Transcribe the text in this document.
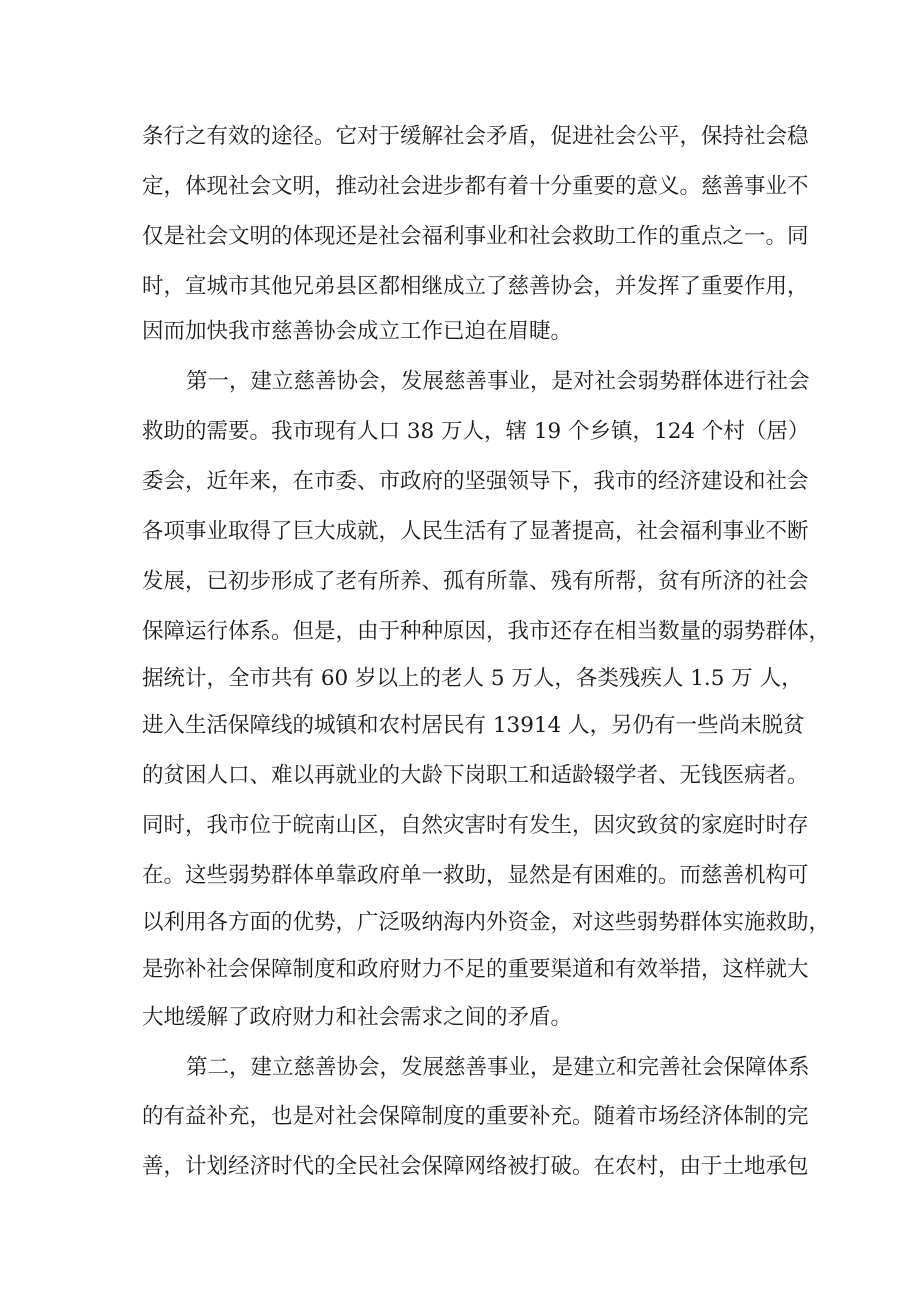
条行之有效的途径。它对于缓解社会矛盾，促进社会公平，保持社会稳
定，体现社会文明，推动社会进步都有着十分重要的意义。慈善事业不
仅是社会文明的体现还是社会福利事业和社会救助工作的重点之一。同
时，宣城市其他兄弟县区都相继成立了慈善协会，并发挥了重要作用，
因而加快我市慈善协会成立工作已迫在眉睫。
第一，建立慈善协会，发展慈善事业，是对社会弱势群体进行社会
救助的需要。我市现有人口 38 万人，辖 19 个乡镇，124 个村（居）
委会，近年来，在市委、市政府的坚强领导下，我市的经济建设和社会
各项事业取得了巨大成就，人民生活有了显著提高，社会福利事业不断
发展，已初步形成了老有所养、孤有所靠、残有所帮，贫有所济的社会
保障运行体系。但是，由于种种原因，我市还存在相当数量的弱势群体，
据统计，全市共有 60 岁以上的老人 5 万人，各类残疾人 1.5 万 人，
进入生活保障线的城镇和农村居民有 13914 人，另仍有一些尚未脱贫
的贫困人口、难以再就业的大龄下岗职工和适龄辍学者、无钱医病者。
同时，我市位于皖南山区，自然灾害时有发生，因灾致贫的家庭时时存
在。这些弱势群体单靠政府单一救助，显然是有困难的。而慈善机构可
以利用各方面的优势，广泛吸纳海内外资金，对这些弱势群体实施救助，
是弥补社会保障制度和政府财力不足的重要渠道和有效举措，这样就大
大地缓解了政府财力和社会需求之间的矛盾。
第二，建立慈善协会，发展慈善事业，是建立和完善社会保障体系
的有益补充，也是对社会保障制度的重要补充。随着市场经济体制的完
善，计划经济时代的全民社会保障网络被打破。在农村，由于土地承包
